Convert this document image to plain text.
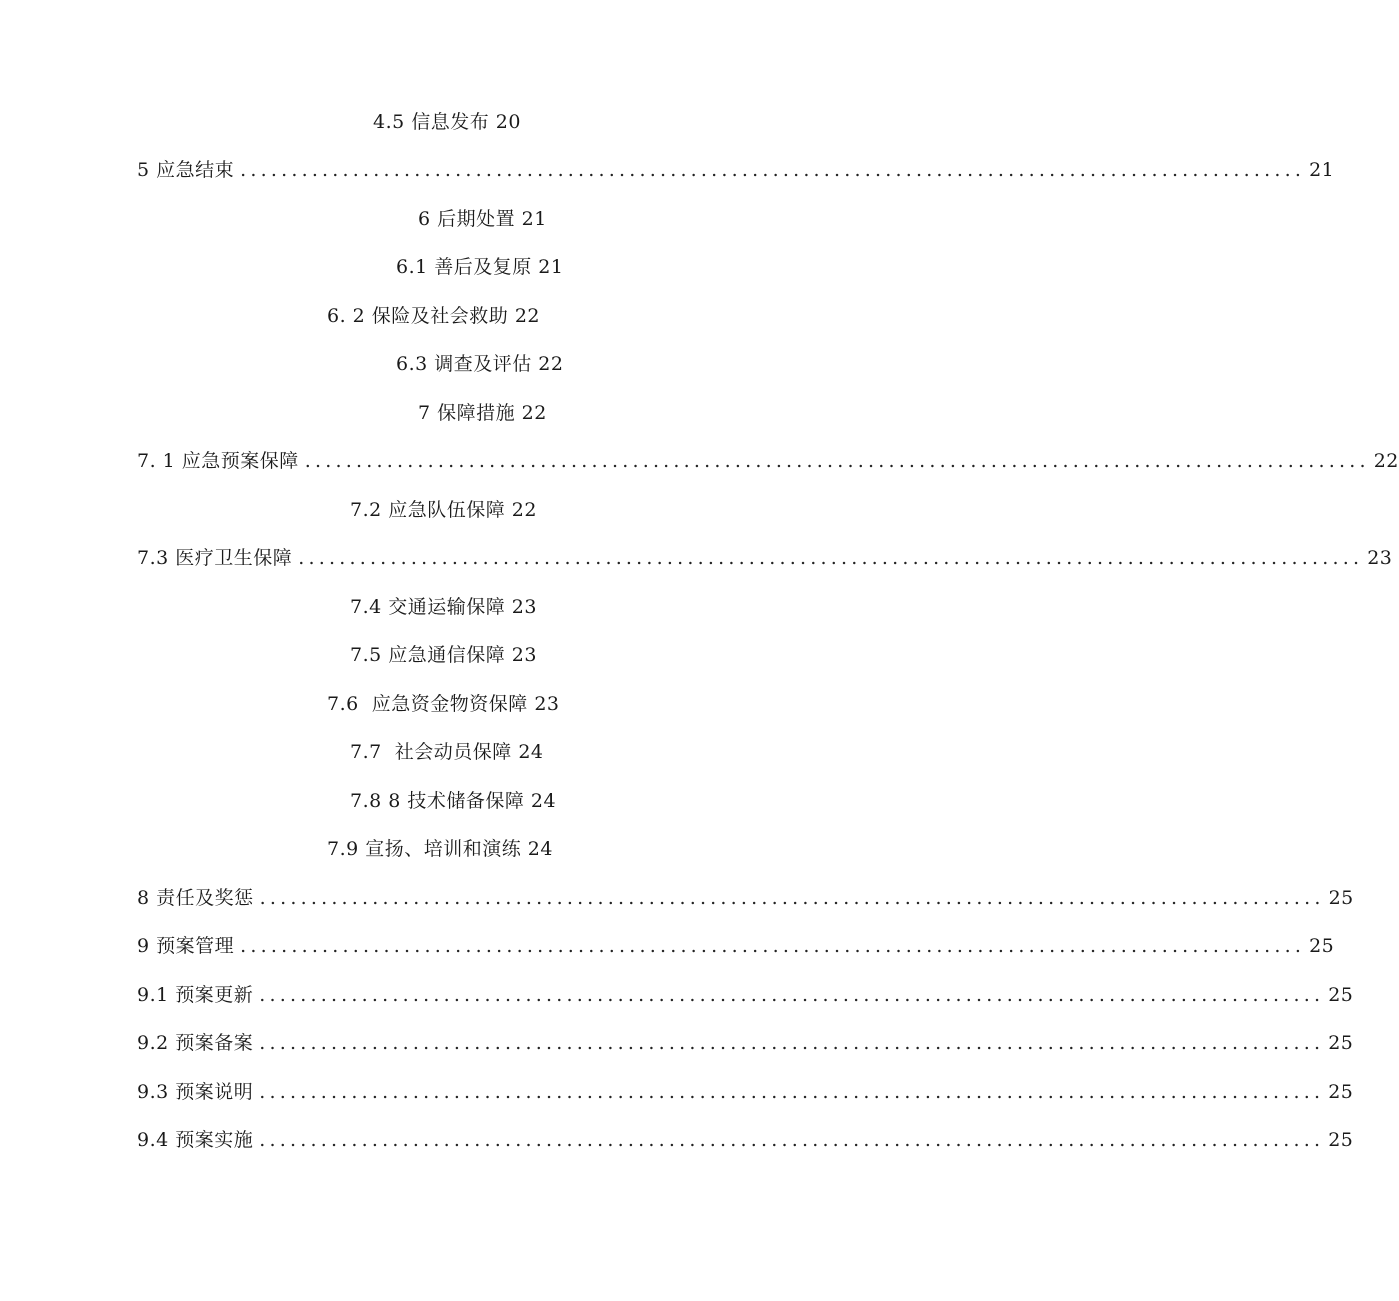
4.5 信息发布 20
5 应急结束 ........................................................................................................ 21
6 后期处置 21
6.1 善后及复原 21
6. 2 保险及社会救助 22
6.3 调查及评估 22
7 保障措施 22
7. 1 应急预案保障 ........................................................................................................ 22
7.2 应急队伍保障 22
7.3 医疗卫生保障 ........................................................................................................ 23
7.4 交通运输保障 23
7.5 应急通信保障 23
7.6  应急资金物资保障 23
7.7  社会动员保障 24
7.8 8 技术储备保障 24
7.9 宣扬、培训和演练 24
8 责任及奖惩 ........................................................................................................ 25
9 预案管理 ........................................................................................................ 25
9.1 预案更新 ........................................................................................................ 25
9.2 预案备案 ........................................................................................................ 25
9.3 预案说明 ........................................................................................................ 25
9.4 预案实施 ........................................................................................................ 25
